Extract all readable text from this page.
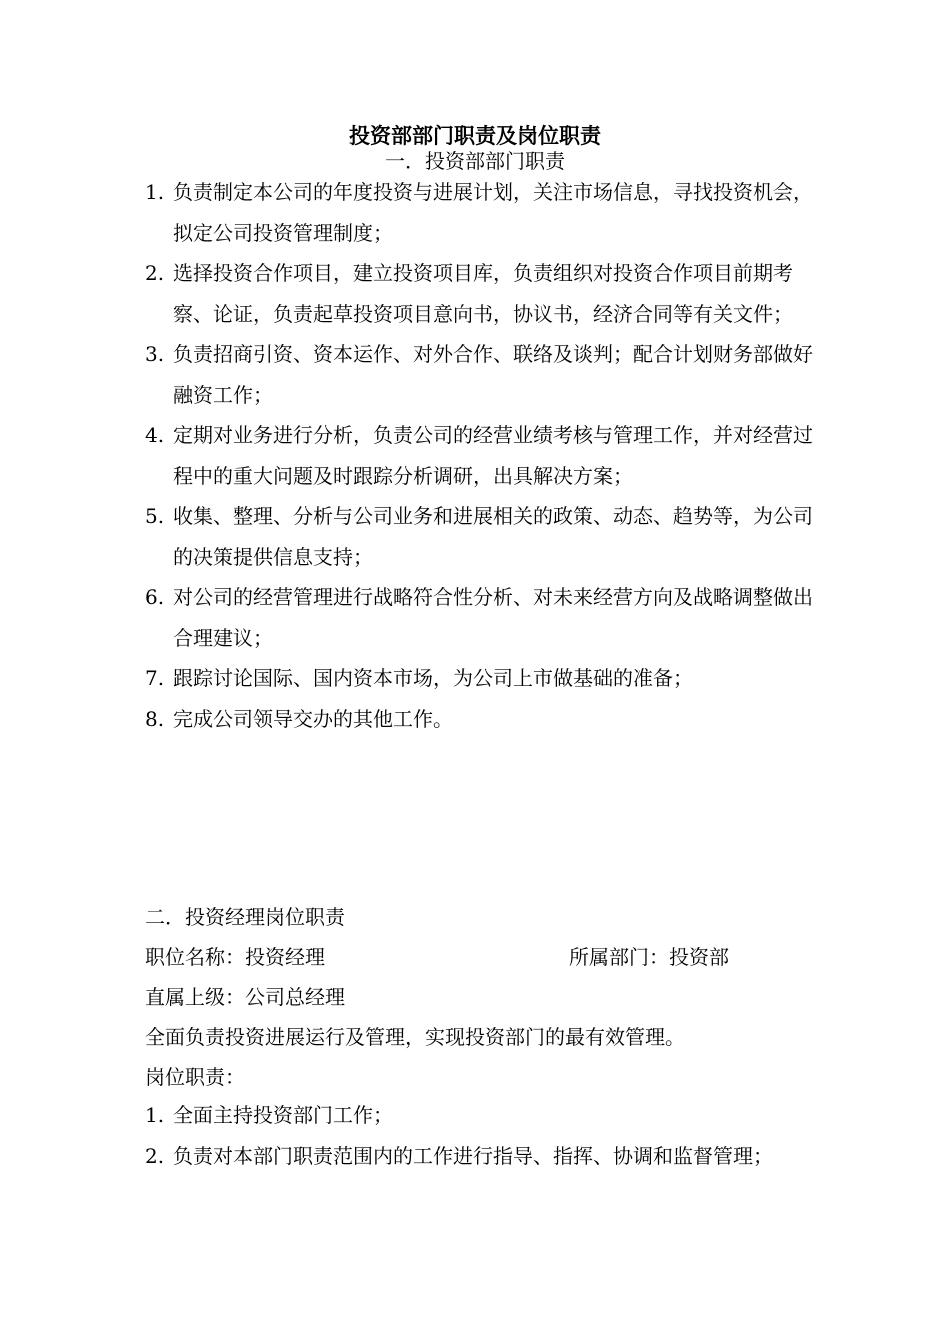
投资部部门职责及岗位职责
一．投资部部门职责
1. 负责制定本公司的年度投资与进展计划，关注市场信息，寻找投资机会，拟定公司投资管理制度；
2. 选择投资合作项目，建立投资项目库，负责组织对投资合作项目前期考察、论证，负责起草投资项目意向书，协议书，经济合同等有关文件；
3. 负责招商引资、资本运作、对外合作、联络及谈判；配合计划财务部做好融资工作；
4. 定期对业务进行分析，负责公司的经营业绩考核与管理工作，并对经营过程中的重大问题及时跟踪分析调研，出具解决方案；
5. 收集、整理、分析与公司业务和进展相关的政策、动态、趋势等，为公司的决策提供信息支持；
6. 对公司的经营管理进行战略符合性分析、对未来经营方向及战略调整做出合理建议；
7. 跟踪讨论国际、国内资本市场，为公司上市做基础的准备；
8. 完成公司领导交办的其他工作。
二．投资经理岗位职责
职位名称：投资经理	所属部门：投资部
直属上级：公司总经理
全面负责投资进展运行及管理，实现投资部门的最有效管理。
岗位职责：
1. 全面主持投资部门工作；
2. 负责对本部门职责范围内的工作进行指导、指挥、协调和监督管理；
